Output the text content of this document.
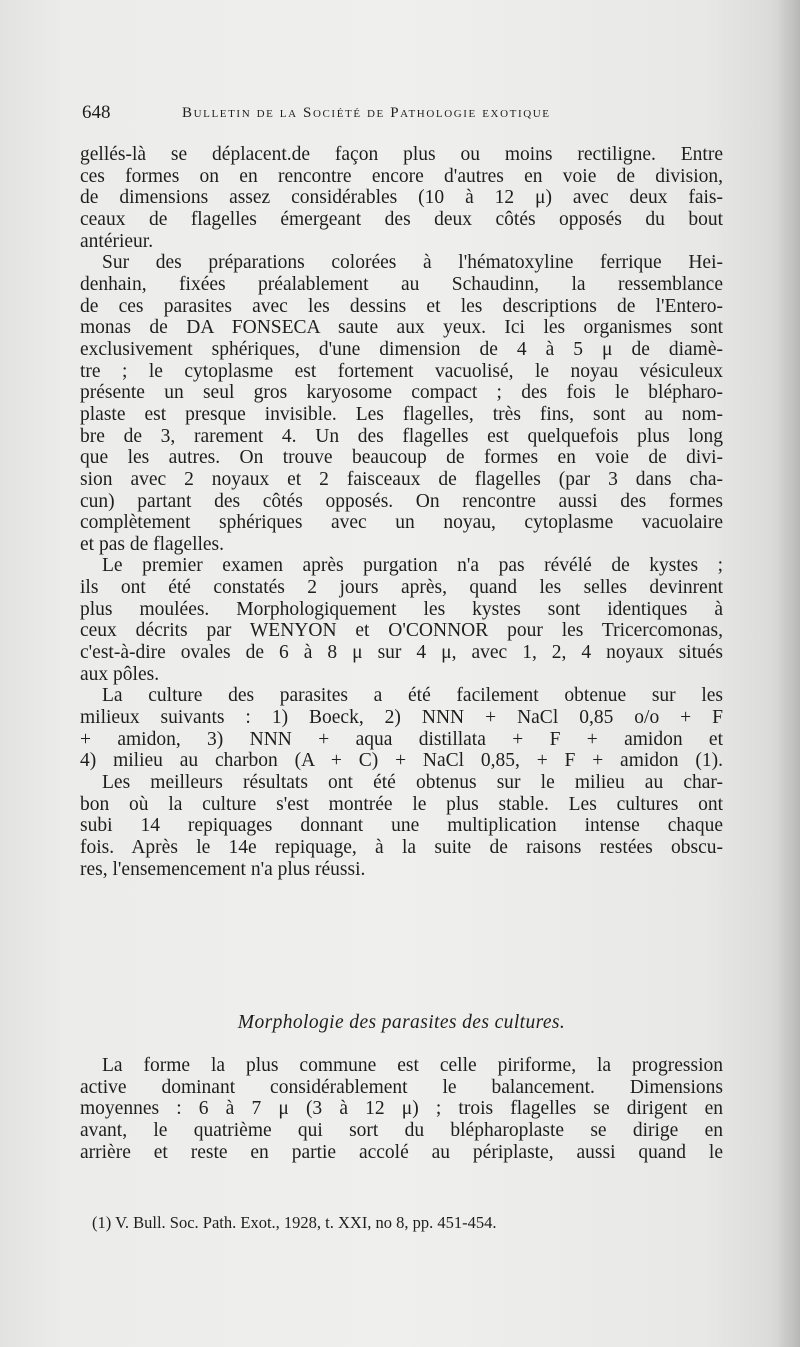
648	Bulletin de la Société de Pathologie exotique
gellés-là se déplacent.de façon plus ou moins rectiligne. Entre
ces formes on en rencontre encore d'autres en voie de division,
de dimensions assez considérables (10 à 12 μ) avec deux fais-
ceaux de flagelles émergeant des deux côtés opposés du bout
antérieur.
Sur des préparations colorées à l'hématoxyline ferrique Hei-
denhain, fixées préalablement au Schaudinn, la ressemblance
de ces parasites avec les dessins et les descriptions de l'Entero-
monas de DA FONSECA saute aux yeux. Ici les organismes sont
exclusivement sphériques, d'une dimension de 4 à 5 μ de diamè-
tre ; le cytoplasme est fortement vacuolisé, le noyau vésiculeux
présente un seul gros karyosome compact ; des fois le blépharo-
plaste est presque invisible. Les flagelles, très fins, sont au nom-
bre de 3, rarement 4. Un des flagelles est quelquefois plus long
que les autres. On trouve beaucoup de formes en voie de divi-
sion avec 2 noyaux et 2 faisceaux de flagelles (par 3 dans cha-
cun) partant des côtés opposés. On rencontre aussi des formes
complètement sphériques avec un noyau, cytoplasme vacuolaire
et pas de flagelles.
Le premier examen après purgation n'a pas révélé de kystes ;
ils ont été constatés 2 jours après, quand les selles devinrent
plus moulées. Morphologiquement les kystes sont identiques à
ceux décrits par WENYON et O'CONNOR pour les Tricercomonas,
c'est-à-dire ovales de 6 à 8 μ sur 4 μ, avec 1, 2, 4 noyaux situés
aux pôles.
La culture des parasites a été facilement obtenue sur les
milieux suivants : 1) Boeck, 2) NNN + NaCl 0,85 o/o + F
+ amidon, 3) NNN + aqua distillata + F + amidon et
4) milieu au charbon (A + C) + NaCl 0,85, + F + amidon (1).
Les meilleurs résultats ont été obtenus sur le milieu au char-
bon où la culture s'est montrée le plus stable. Les cultures ont
subi 14 repiquages donnant une multiplication intense chaque
fois. Après le 14e repiquage, à la suite de raisons restées obscu-
res, l'ensemencement n'a plus réussi.
Morphologie des parasites des cultures.
La forme la plus commune est celle piriforme, la progression
active dominant considérablement le balancement. Dimensions
moyennes : 6 à 7 μ (3 à 12 μ) ; trois flagelles se dirigent en
avant, le quatrième qui sort du blépharoplaste se dirige en
arrière et reste en partie accolé au périplaste, aussi quand le
(1) V. Bull. Soc. Path. Exot., 1928, t. XXI, no 8, pp. 451-454.
